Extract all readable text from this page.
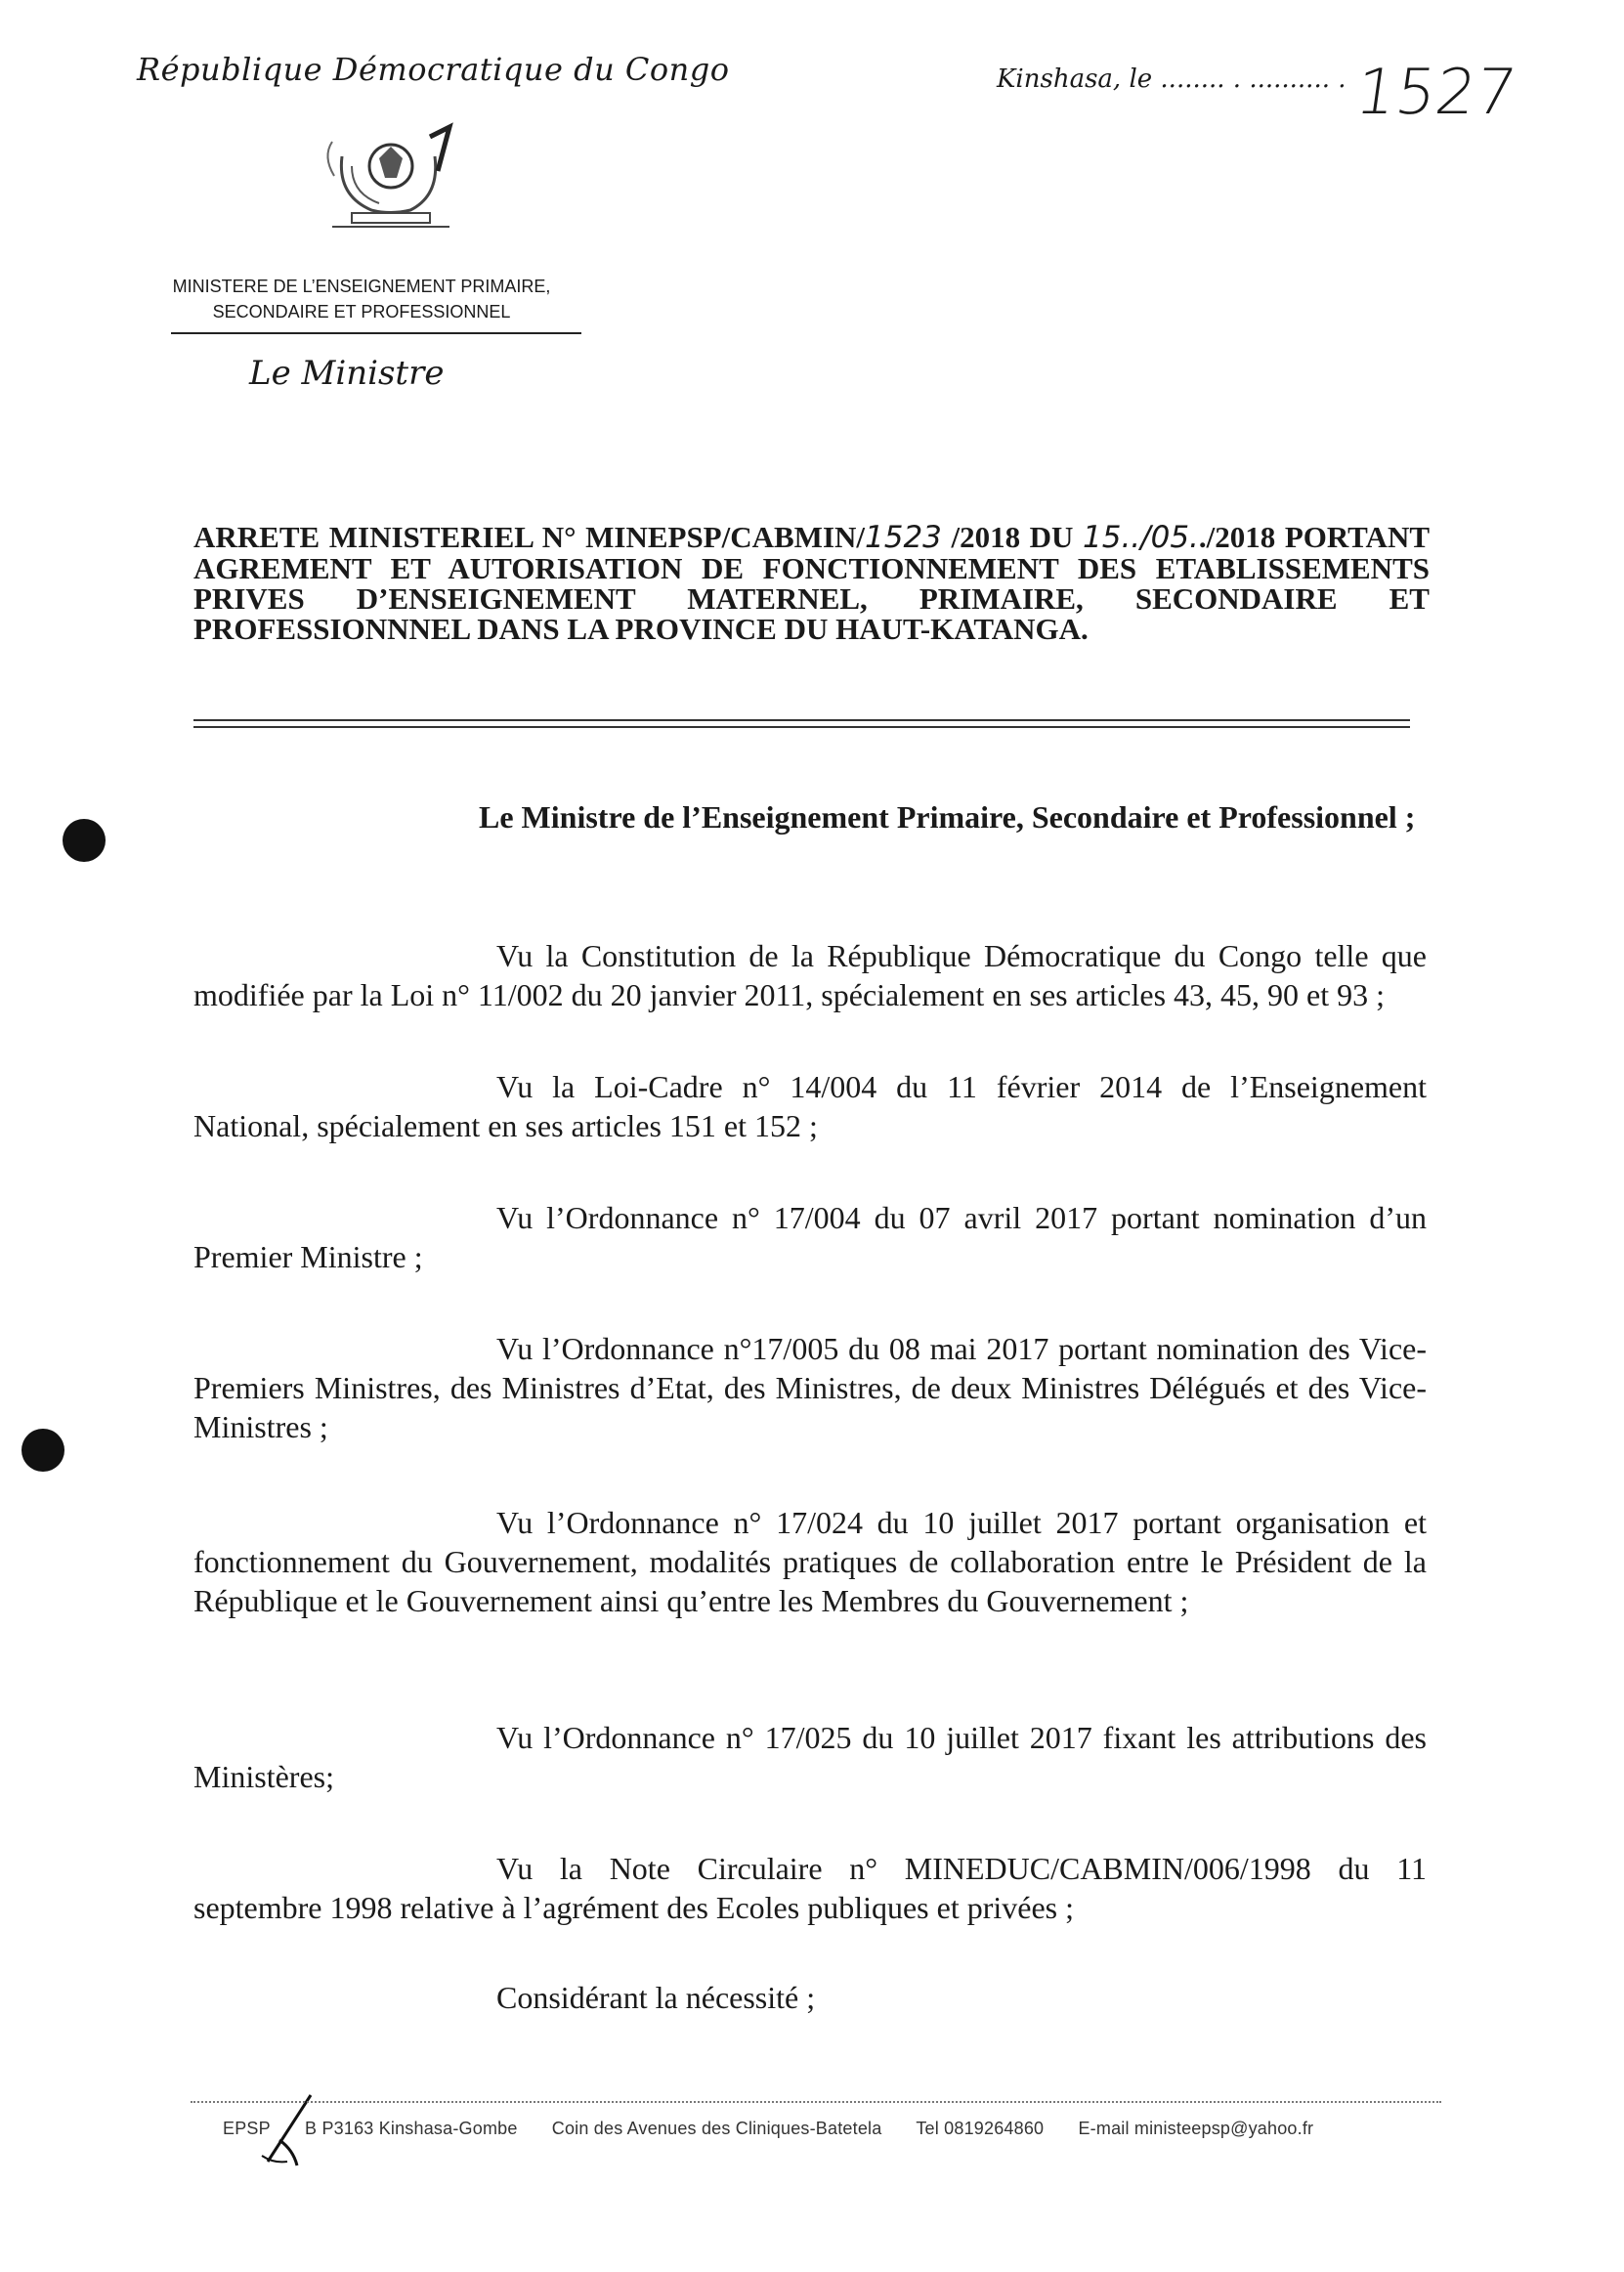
République Démocratique du Congo	Kinshasa, le ........ . .......... . 1527
MINISTERE DE L’ENSEIGNEMENT PRIMAIRE,
SECONDAIRE ET PROFESSIONNEL
Le Ministre
ARRETE MINISTERIEL N° MINEPSP/CABMIN/1523 /2018 DU 15../05../2018 PORTANT AGREMENT ET AUTORISATION DE FONCTIONNEMENT DES ETABLISSEMENTS PRIVES D’ENSEIGNEMENT MATERNEL, PRIMAIRE, SECONDAIRE ET PROFESSIONNNEL DANS LA PROVINCE DU HAUT-KATANGA.

Le Ministre de l’Enseignement Primaire, Secondaire et Professionnel ;

Vu la Constitution de la République Démocratique du Congo telle que modifiée par la Loi n° 11/002 du 20 janvier 2011, spécialement en ses articles 43, 45, 90 et 93 ;

Vu la Loi-Cadre n° 14/004 du 11 février 2014 de l’Enseignement National, spécialement en ses articles 151 et 152 ;

Vu l’Ordonnance n° 17/004 du 07 avril 2017 portant nomination d’un Premier Ministre ;

Vu l’Ordonnance n°17/005 du 08 mai 2017 portant nomination des Vice-Premiers Ministres, des Ministres d’Etat, des Ministres, de deux Ministres Délégués et des Vice-Ministres ;

Vu l’Ordonnance n° 17/024 du 10 juillet 2017 portant organisation et fonctionnement du Gouvernement, modalités pratiques de collaboration entre le Président de la République et le Gouvernement ainsi qu’entre les Membres du Gouvernement ;

Vu l’Ordonnance n° 17/025 du 10 juillet 2017 fixant les attributions des Ministères;

Vu la Note Circulaire n° MINEDUC/CABMIN/006/1998 du 11 septembre 1998 relative à l’agrément des Ecoles publiques et privées ;

Considérant la nécessité ;

EPSP B P3163 Kinshasa-Gombe Coin des Avenues des Cliniques-Batetela Tel 0819264860 E-mail ministeepsp@yahoo.fr
